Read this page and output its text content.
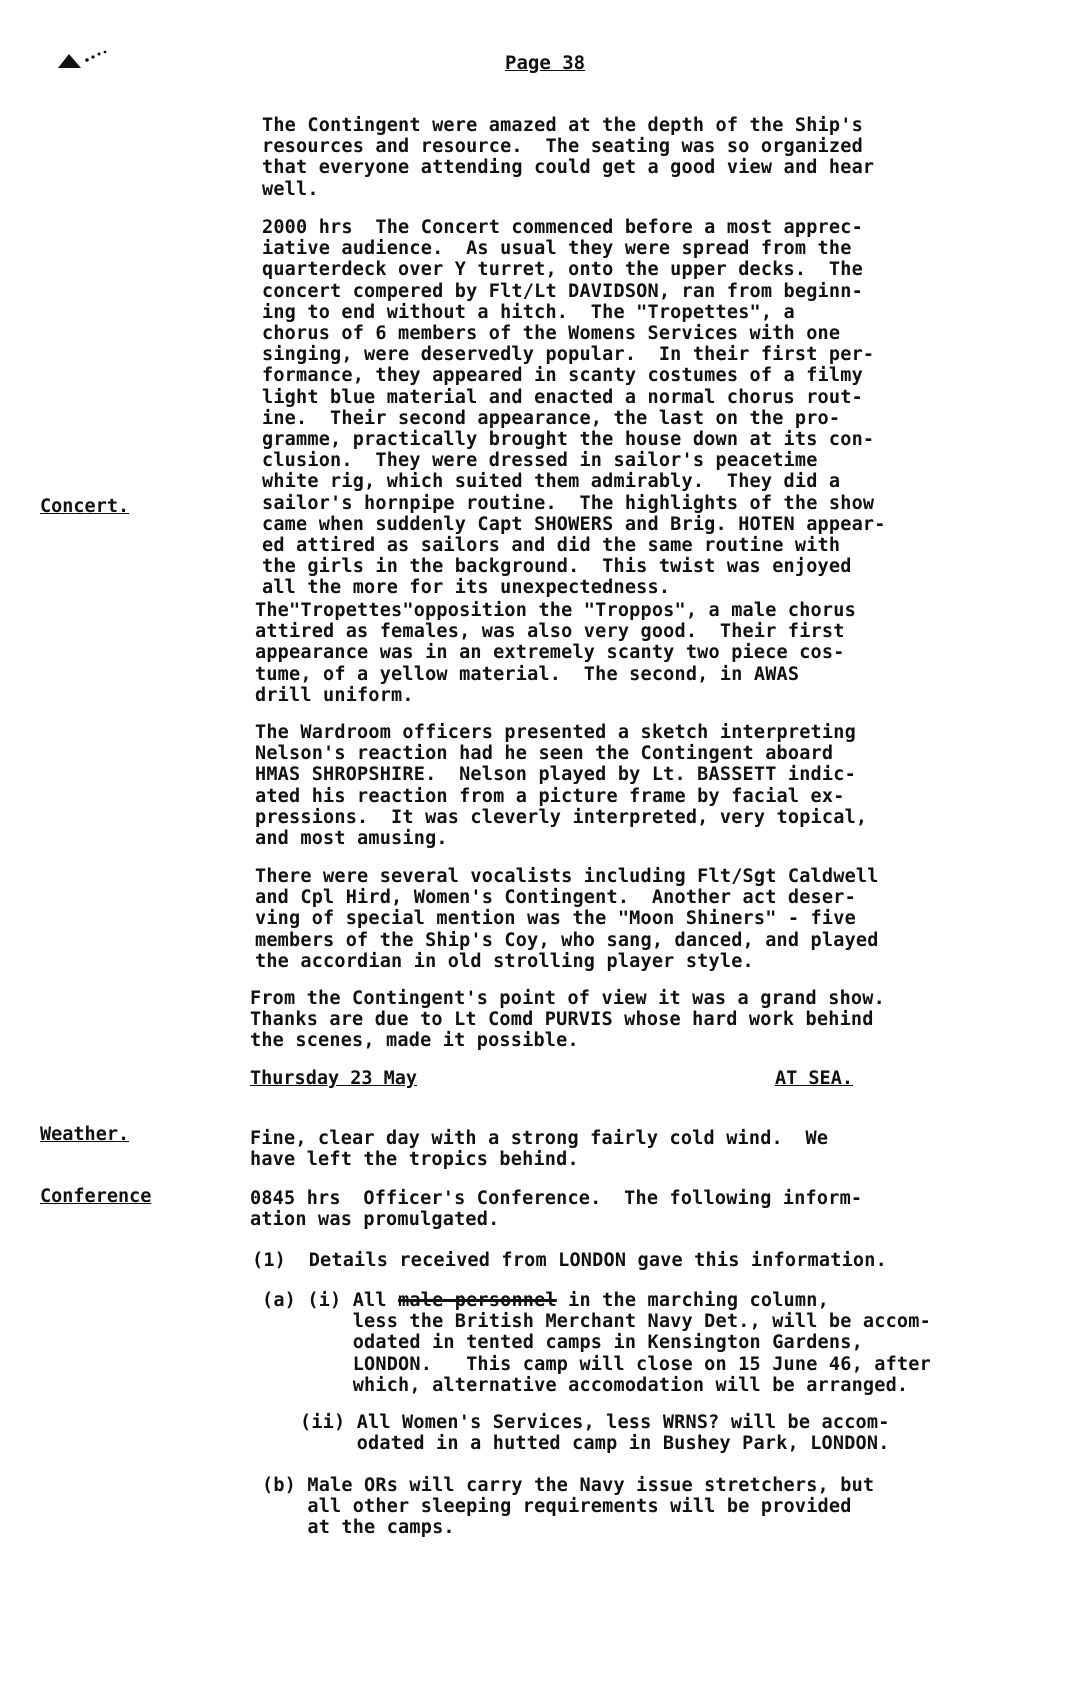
Page 38

The Contingent were amazed at the depth of the Ship's
resources and resource.  The seating was so organized
that everyone attending could get a good view and hear
well.

2000 hrs  The Concert commenced before a most apprec-
iative audience.  As usual they were spread from the
quarterdeck over Y turret, onto the upper decks.  The
concert compered by Flt/Lt DAVIDSON, ran from beginn-
ing to end without a hitch.  The "Tropettes", a
chorus of 6 members of the Womens Services with one
singing, were deservedly popular.  In their first per-
formance, they appeared in scanty costumes of a filmy
light blue material and enacted a normal chorus rout-
ine.  Their second appearance, the last on the pro-
gramme, practically brought the house down at its con-
clusion.  They were dressed in sailor's peacetime
white rig, which suited them admirably.  They did a
sailor's hornpipe routine.  The highlights of the show
came when suddenly Capt SHOWERS and Brig. HOTEN appear-
ed attired as sailors and did the same routine with
the girls in the background.  This twist was enjoyed
all the more for its unexpectedness.

Concert.

The"Tropettes"opposition the "Troppos", a male chorus
attired as females, was also very good.  Their first
appearance was in an extremely scanty two piece cos-
tume, of a yellow material.  The second, in AWAS
drill uniform.

The Wardroom officers presented a sketch interpreting
Nelson's reaction had he seen the Contingent aboard
HMAS SHROPSHIRE.  Nelson played by Lt. BASSETT indic-
ated his reaction from a picture frame by facial ex-
pressions.  It was cleverly interpreted, very topical,
and most amusing.

There were several vocalists including Flt/Sgt Caldwell
and Cpl Hird, Women's Contingent.  Another act deser-
ving of special mention was the "Moon Shiners" - five
members of the Ship's Coy, who sang, danced, and played
the accordian in old strolling player style.

From the Contingent's point of view it was a grand show.
Thanks are due to Lt Comd PURVIS whose hard work behind
the scenes, made it possible.

Thursday 23 May	AT SEA.
Weather.	Fine, clear day with a strong fairly cold wind.  We
have left the tropics behind.

Conference	0845 hrs  Officer's Conference.  The following inform-
ation was promulgated.

(1)  Details received from LONDON gave this information.

(a) (i) All male personnel in the marching column,
less the British Merchant Navy Det., will be accom-
odated in tented camps in Kensington Gardens,
LONDON.   This camp will close on 15 June 46, after
which, alternative accomodation will be arranged.

(ii) All Women's Services, less WRNS? will be accom-
odated in a hutted camp in Bushey Park, LONDON.

(b) Male ORs will carry the Navy issue stretchers, but
all other sleeping requirements will be provided
at the camps.
